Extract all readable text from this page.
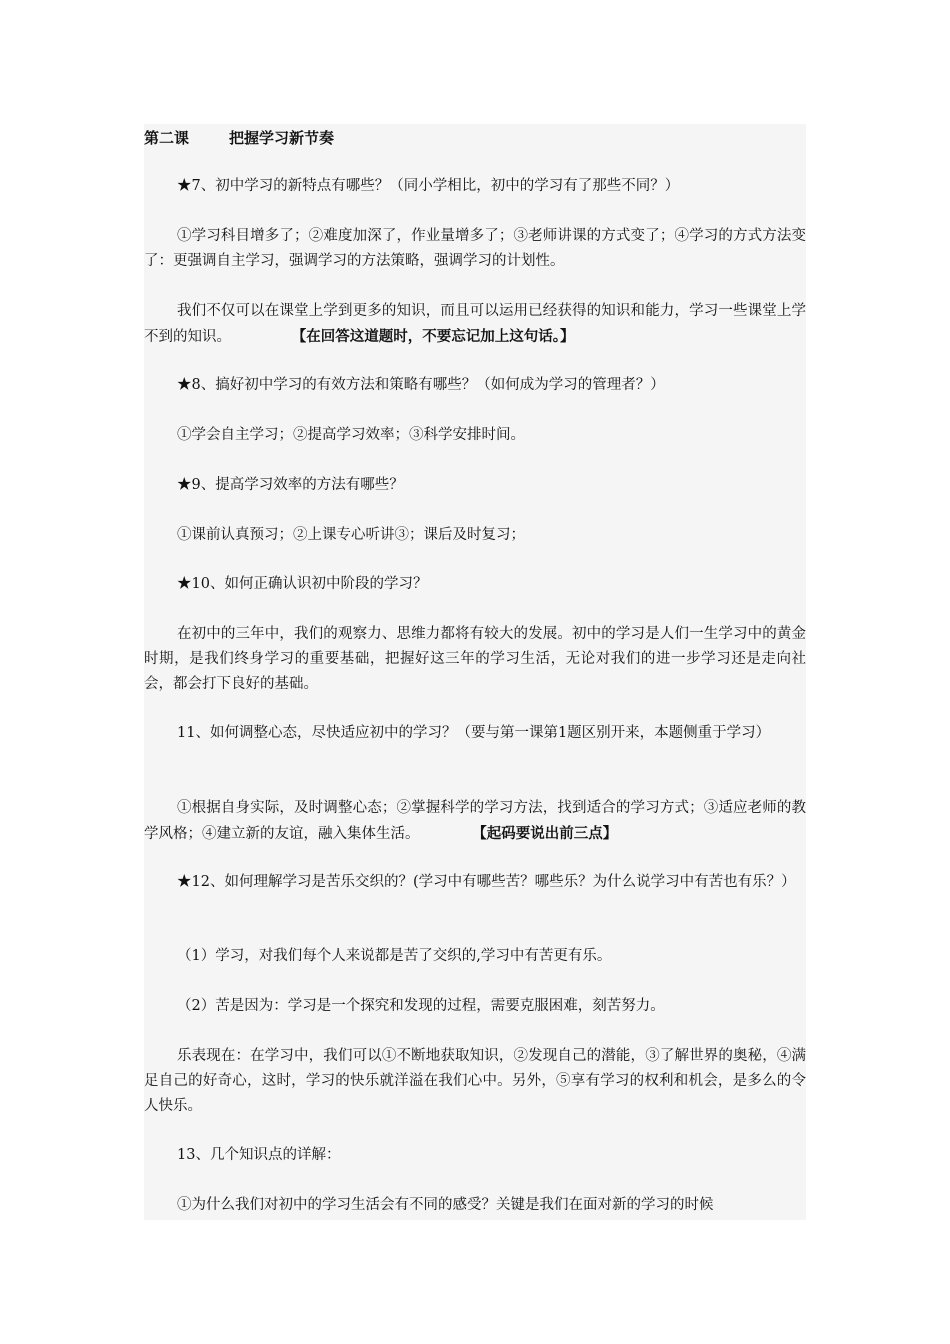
第二课	把握学习新节奏

★7、初中学习的新特点有哪些？（同小学相比，初中的学习有了那些不同？）

①学习科目增多了；②难度加深了，作业量增多了；③老师讲课的方式变了；④学习的方式方法变了：更强调自主学习，强调学习的方法策略，强调学习的计划性。

我们不仅可以在课堂上学到更多的知识，而且可以运用已经获得的知识和能力，学习一些课堂上学不到的知识。	【在回答这道题时，不要忘记加上这句话。】

★8、搞好初中学习的有效方法和策略有哪些？（如何成为学习的管理者？）

①学会自主学习；②提高学习效率；③科学安排时间。

★9、提高学习效率的方法有哪些？

①课前认真预习；②上课专心听讲③；课后及时复习；

★10、如何正确认识初中阶段的学习？

在初中的三年中，我们的观察力、思维力都将有较大的发展。初中的学习是人们一生学习中的黄金时期，是我们终身学习的重要基础，把握好这三年的学习生活，无论对我们的进一步学习还是走向社会，都会打下良好的基础。

11、如何调整心态，尽快适应初中的学习？（要与第一课第1题区别开来，本题侧重于学习）

①根据自身实际，及时调整心态；②掌握科学的学习方法，找到适合的学习方式；③适应老师的教学风格；④建立新的友谊，融入集体生活。	【起码要说出前三点】

★12、如何理解学习是苦乐交织的？(学习中有哪些苦？哪些乐？为什么说学习中有苦也有乐？）

（1）学习，对我们每个人来说都是苦了交织的,学习中有苦更有乐。

（2）苦是因为：学习是一个探究和发现的过程，需要克服困难，刻苦努力。

乐表现在：在学习中，我们可以①不断地获取知识，②发现自己的潜能，③了解世界的奥秘，④满足自己的好奇心，这时，学习的快乐就洋溢在我们心中。另外，⑤享有学习的权利和机会，是多么的令人快乐。

13、几个知识点的详解：

①为什么我们对初中的学习生活会有不同的感受？关键是我们在面对新的学习的时候
